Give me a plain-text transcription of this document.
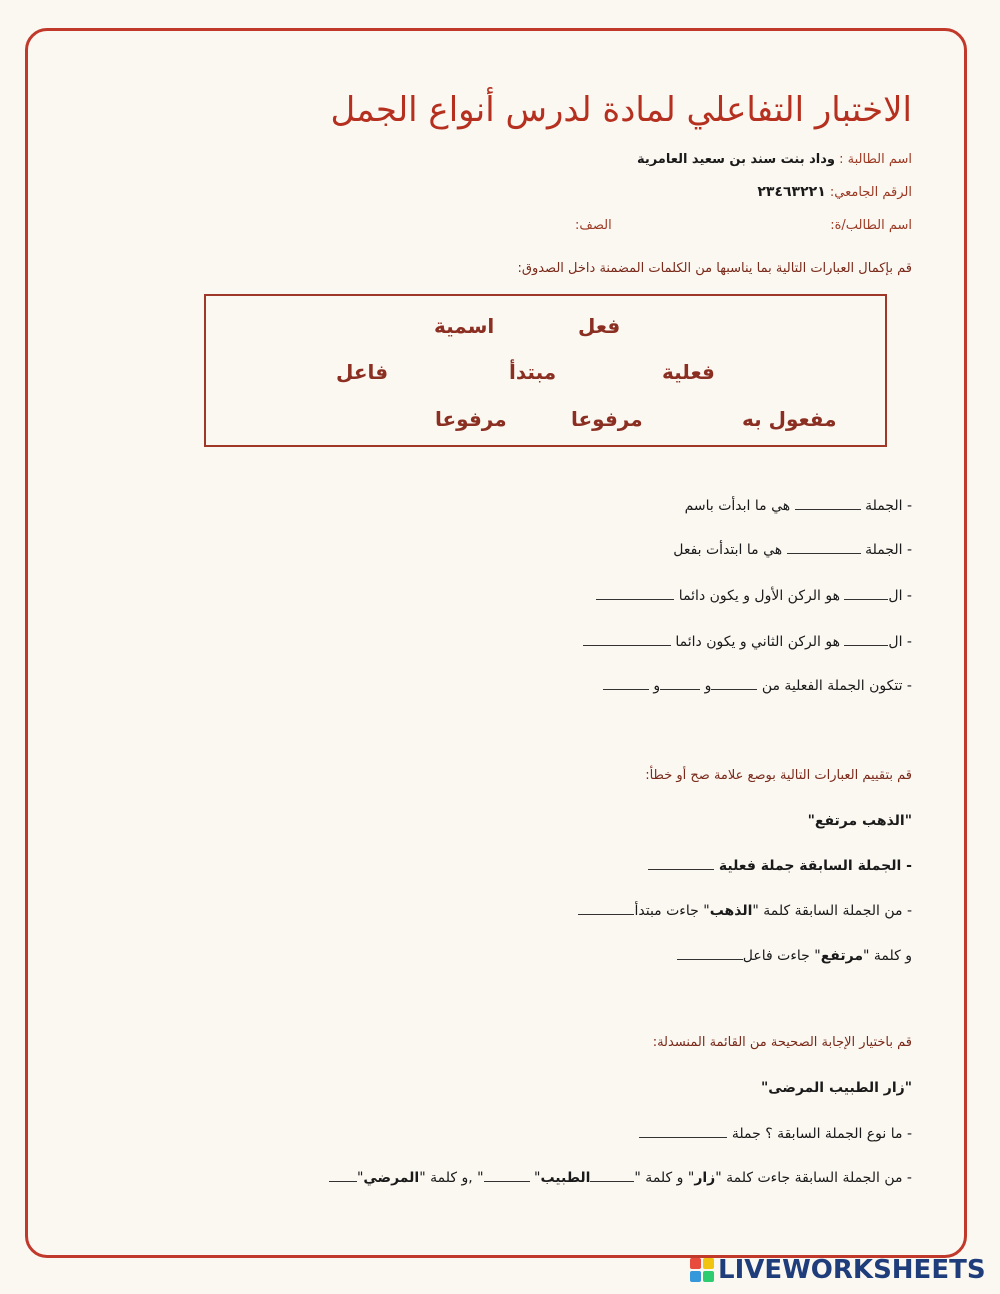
الاختبار التفاعلي لمادة لدرس أنواع الجمل
اسم الطالبة : وداد بنت سند بن سعيد العامرية
الرقم الجامعي: ٢٣٤٦٣٢٢١
اسم الطالب/ة:
الصف:
قم بإكمال العبارات التالية بما يناسبها من الكلمات المضمنة داخل الصدوق:
فعل
اسمية
فعلية
مبتدأ
فاعل
مفعول به
مرفوعا
مرفوعا
- الجملة  هي ما ابدأت باسم
- الجملة  هي ما ابتدأت بفعل
- ال هو الركن الأول و يكون دائما
- ال هو الركن الثاني و يكون دائما
- تتكون الجملة الفعلية من و و
قم بتقييم العبارات التالية بوصع علامة صح أو خطأ:
"الذهب مرتفع"
- الجملة السابقة جملة فعلية
- من الجملة السابقة كلمة "الذهب" جاءت مبتدأ
و كلمة "مرتفع" جاءت فاعل
قم باختيار الإجابة الصحيحة من القائمة المنسدلة:
"زار الطبيب المرضى"
- ما نوع الجملة السابقة ؟ جملة
- من الجملة السابقة جاءت كلمة "زار" و كلمة "الطبيب" " ,و كلمة "المرضي"
LIVEWORKSHEETS
